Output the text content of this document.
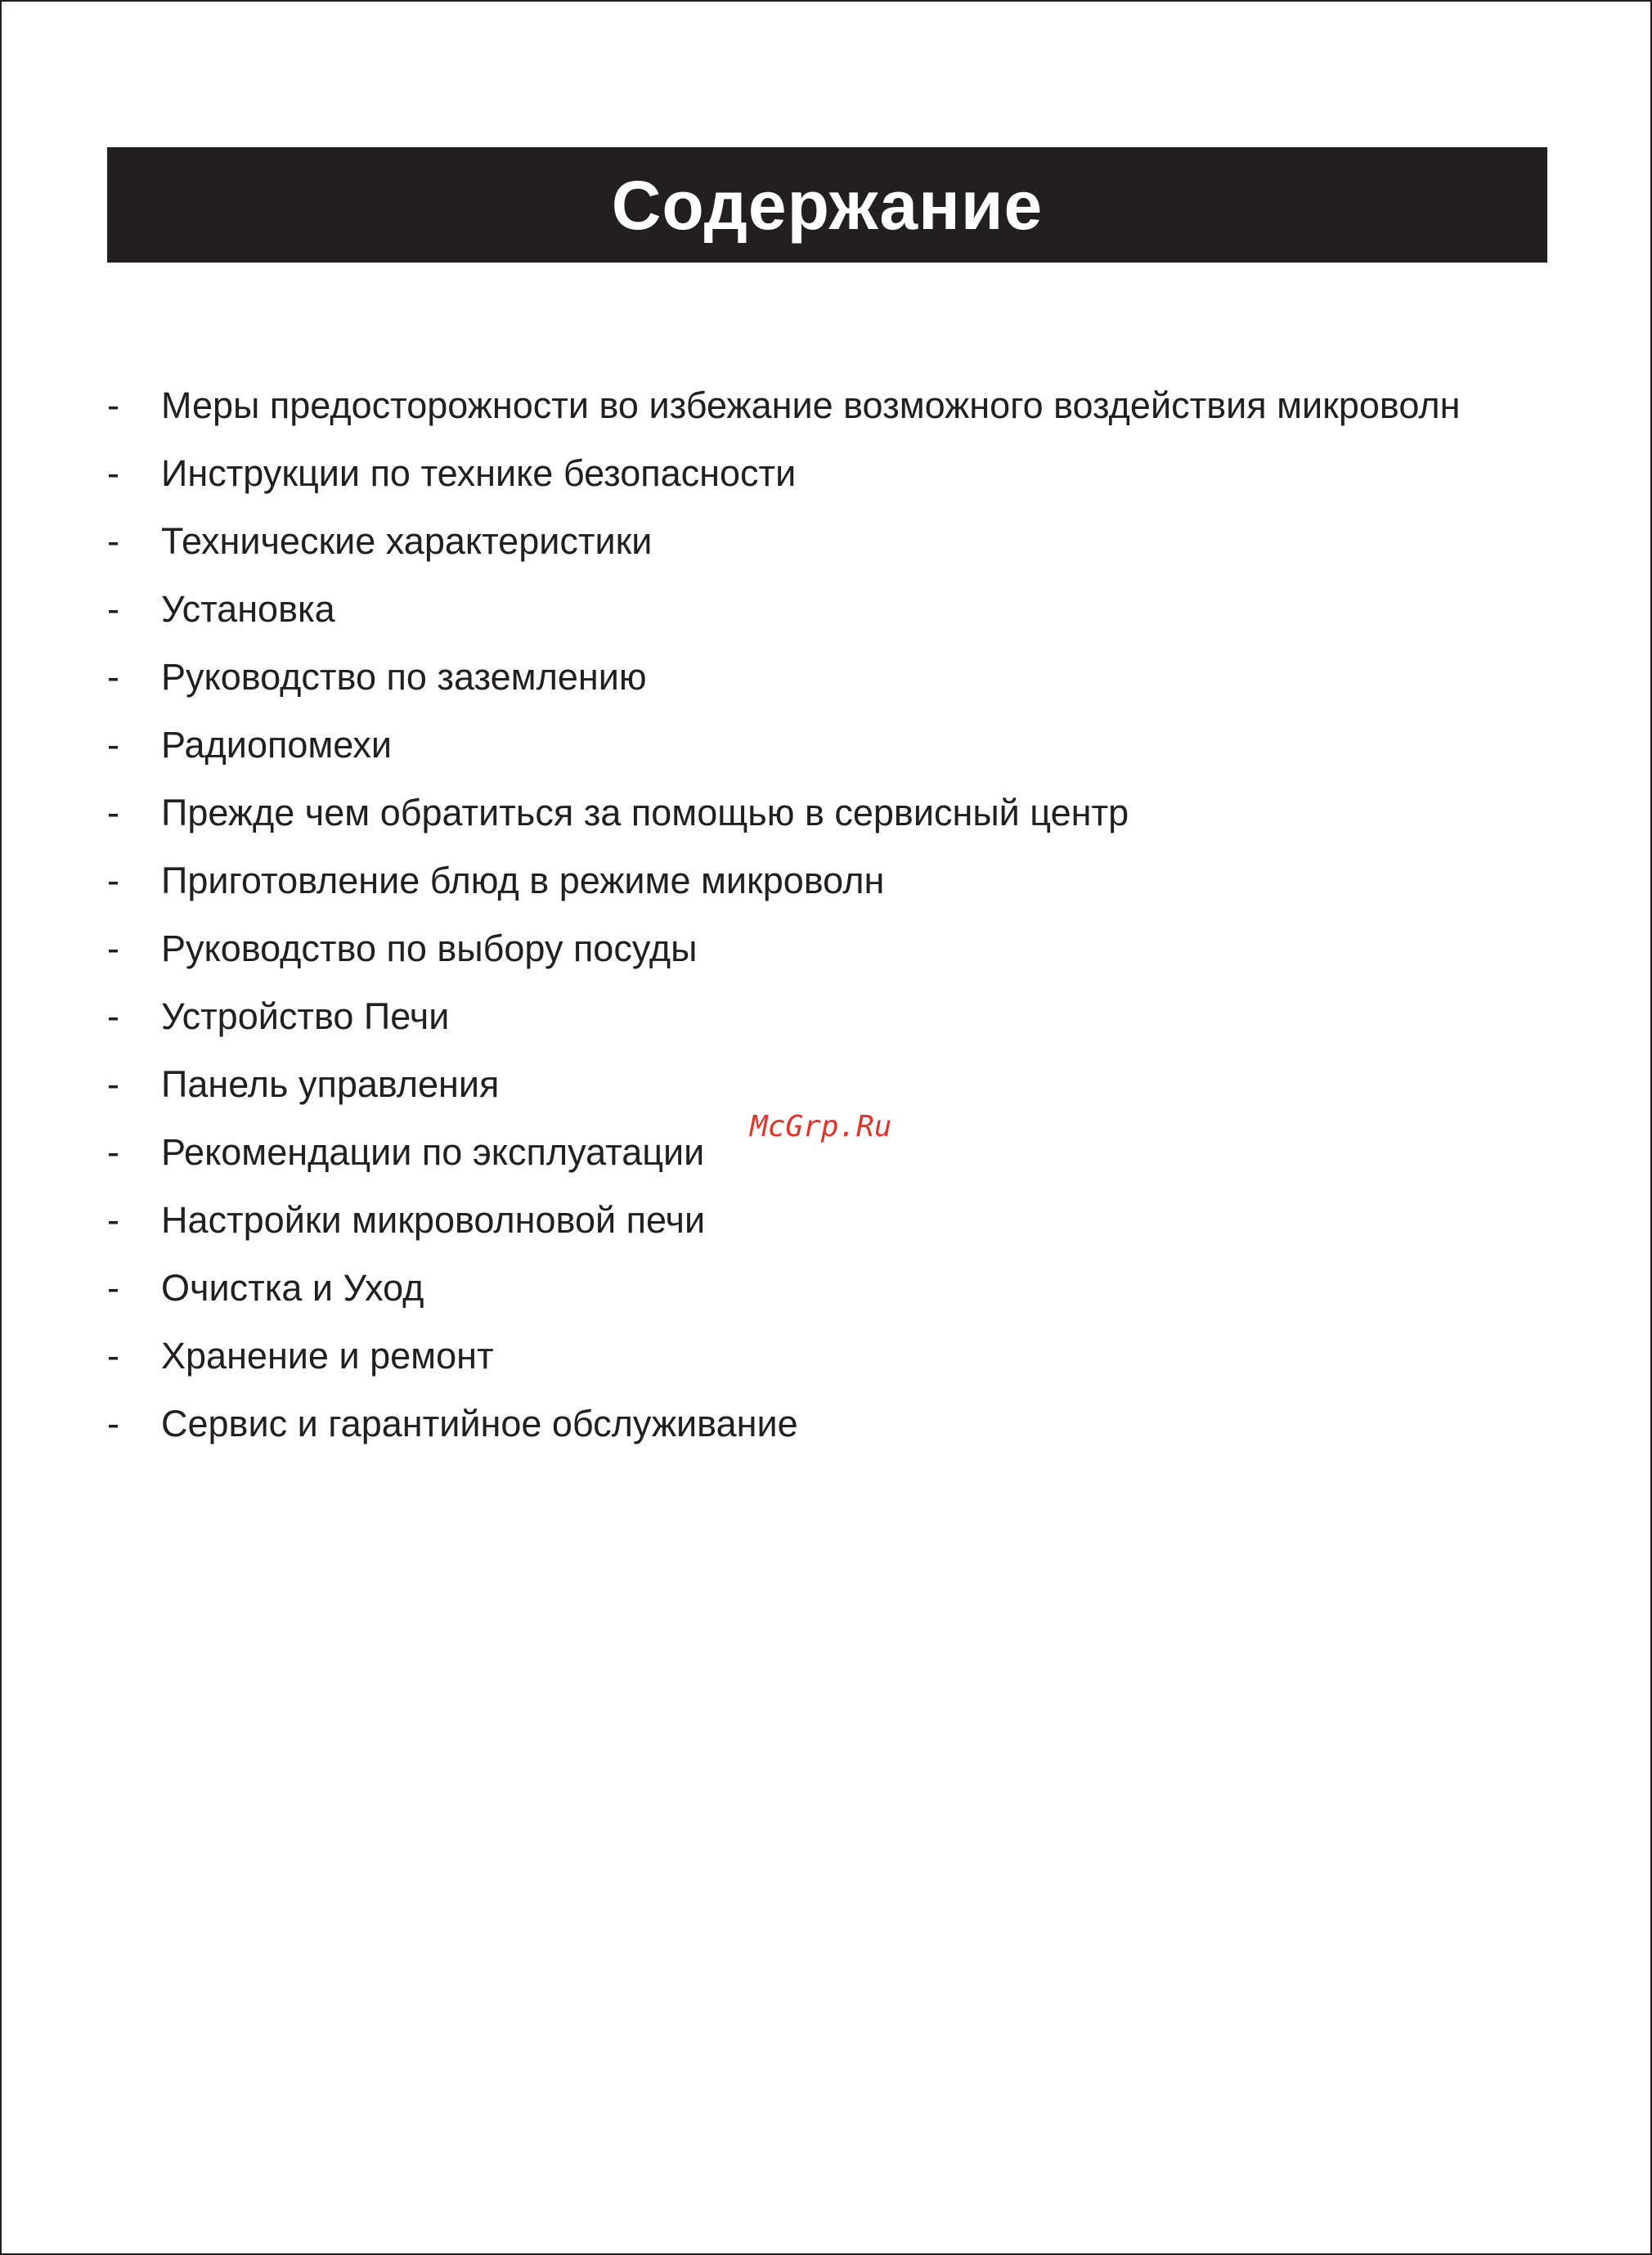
Содержание
-	Меры предосторожности во избежание возможного воздействия микроволн
-	Инструкции по технике безопасности
-	Технические характеристики
-	Установка
-	Руководство по заземлению
-	Радиопомехи
-	Прежде чем обратиться за помощью в сервисный центр
-	Приготовление блюд в режиме микроволн
-	Руководство по выбору посуды
-	Устройство Печи
-	Панель управления
-	Рекомендации по эксплуатации
-	Настройки микроволновой печи
-	Очистка и Уход
-	Хранение и ремонт
-	Сервис и гарантийное обслуживание
McGrp.Ru
